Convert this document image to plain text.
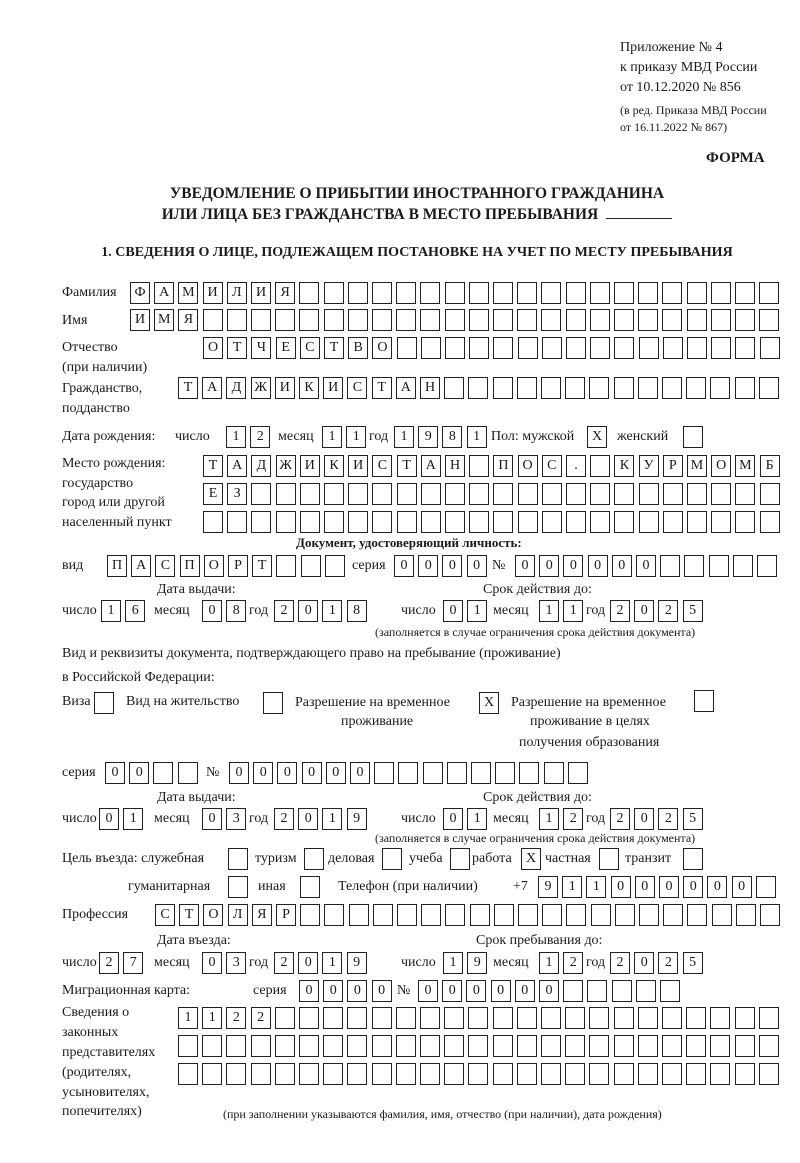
Приложение № 4
к приказу МВД России
от 10.12.2020 № 856
(в ред. Приказа МВД России
от 16.11.2022 № 867)
ФОРМА
УВЕДОМЛЕНИЕ О ПРИБЫТИИ ИНОСТРАННОГО ГРАЖДАНИНА
ИЛИ ЛИЦА БЕЗ ГРАЖДАНСТВА В МЕСТО ПРЕБЫВАНИЯ
1. СВЕДЕНИЯ О ЛИЦЕ, ПОДЛЕЖАЩЕМ ПОСТАНОВКЕ НА УЧЕТ ПО МЕСТУ ПРЕБЫВАНИЯ
Фамилия	Ф А М И	Л	И	Я
Имя	И М Я
Отчество
(при наличии)
О	Т	Ч	Е	С	Т	В	О
Гражданство,
подданство
Т	А	Д Ж И	К	И	С	Т	А	Н
Дата рождения: число	1	2	месяц	1	1 год 1	9	8	1 Пол: мужской	X	женский
Место рождения:
государство
город или другой
населенный пункт
Т	А	Д Ж И	К	И	С	Т	А	Н	П	О	С	.	К	У	Р	М О М Б
Е	З
Документ, удостоверяющий личность:
вид	П	А	С	П	О	Р	Т	серия	0	0	0	0 №	0	0	0	0	0	0
Дата выдачи:	Срок действия до:
число 1	6	месяц	0	8 год 2	0	1	8	число 0	1 месяц	1	1 год 2	0	2	5
(заполняется в случае ограничения срока действия документа)
Вид и реквизиты документа, подтверждающего право на пребывание (проживание)
в Российской Федерации:
Виза	Вид на жительство	Разрешение на временное
проживание
X	Разрешение на временное
проживание в целях
получения образования
серия	0	0	№	0	0	0	0	0	0
Дата выдачи:	Срок действия до:
число 0	1	месяц	0	3 год 2	0	1	9	число 0	1 месяц	1	2 год 2	0	2	5
(заполняется в случае ограничения срока действия документа)
Цель въезда: служебная	туризм деловая учеба работа	X частная транзит
гуманитарная	иная	Телефон (при наличии)	+7	9	1	1	0	0	0	0	0	0
Профессия	С	Т	О	Л	Я	Р
Дата въезда:	Срок пребывания до:
число 2	7	месяц	0	3 год 2	0	1	9	число 1	9 месяц	1	2 год 2	0	2	5
Миграционная карта:	серия	0	0	0	0 №	0	0	0	0	0	0
Сведения о
законных
представителях
(родителях,
усыновителях,
попечителях)
1	1	2	2
(при заполнении указываются фамилия, имя, отчество (при наличии), дата рождения)
